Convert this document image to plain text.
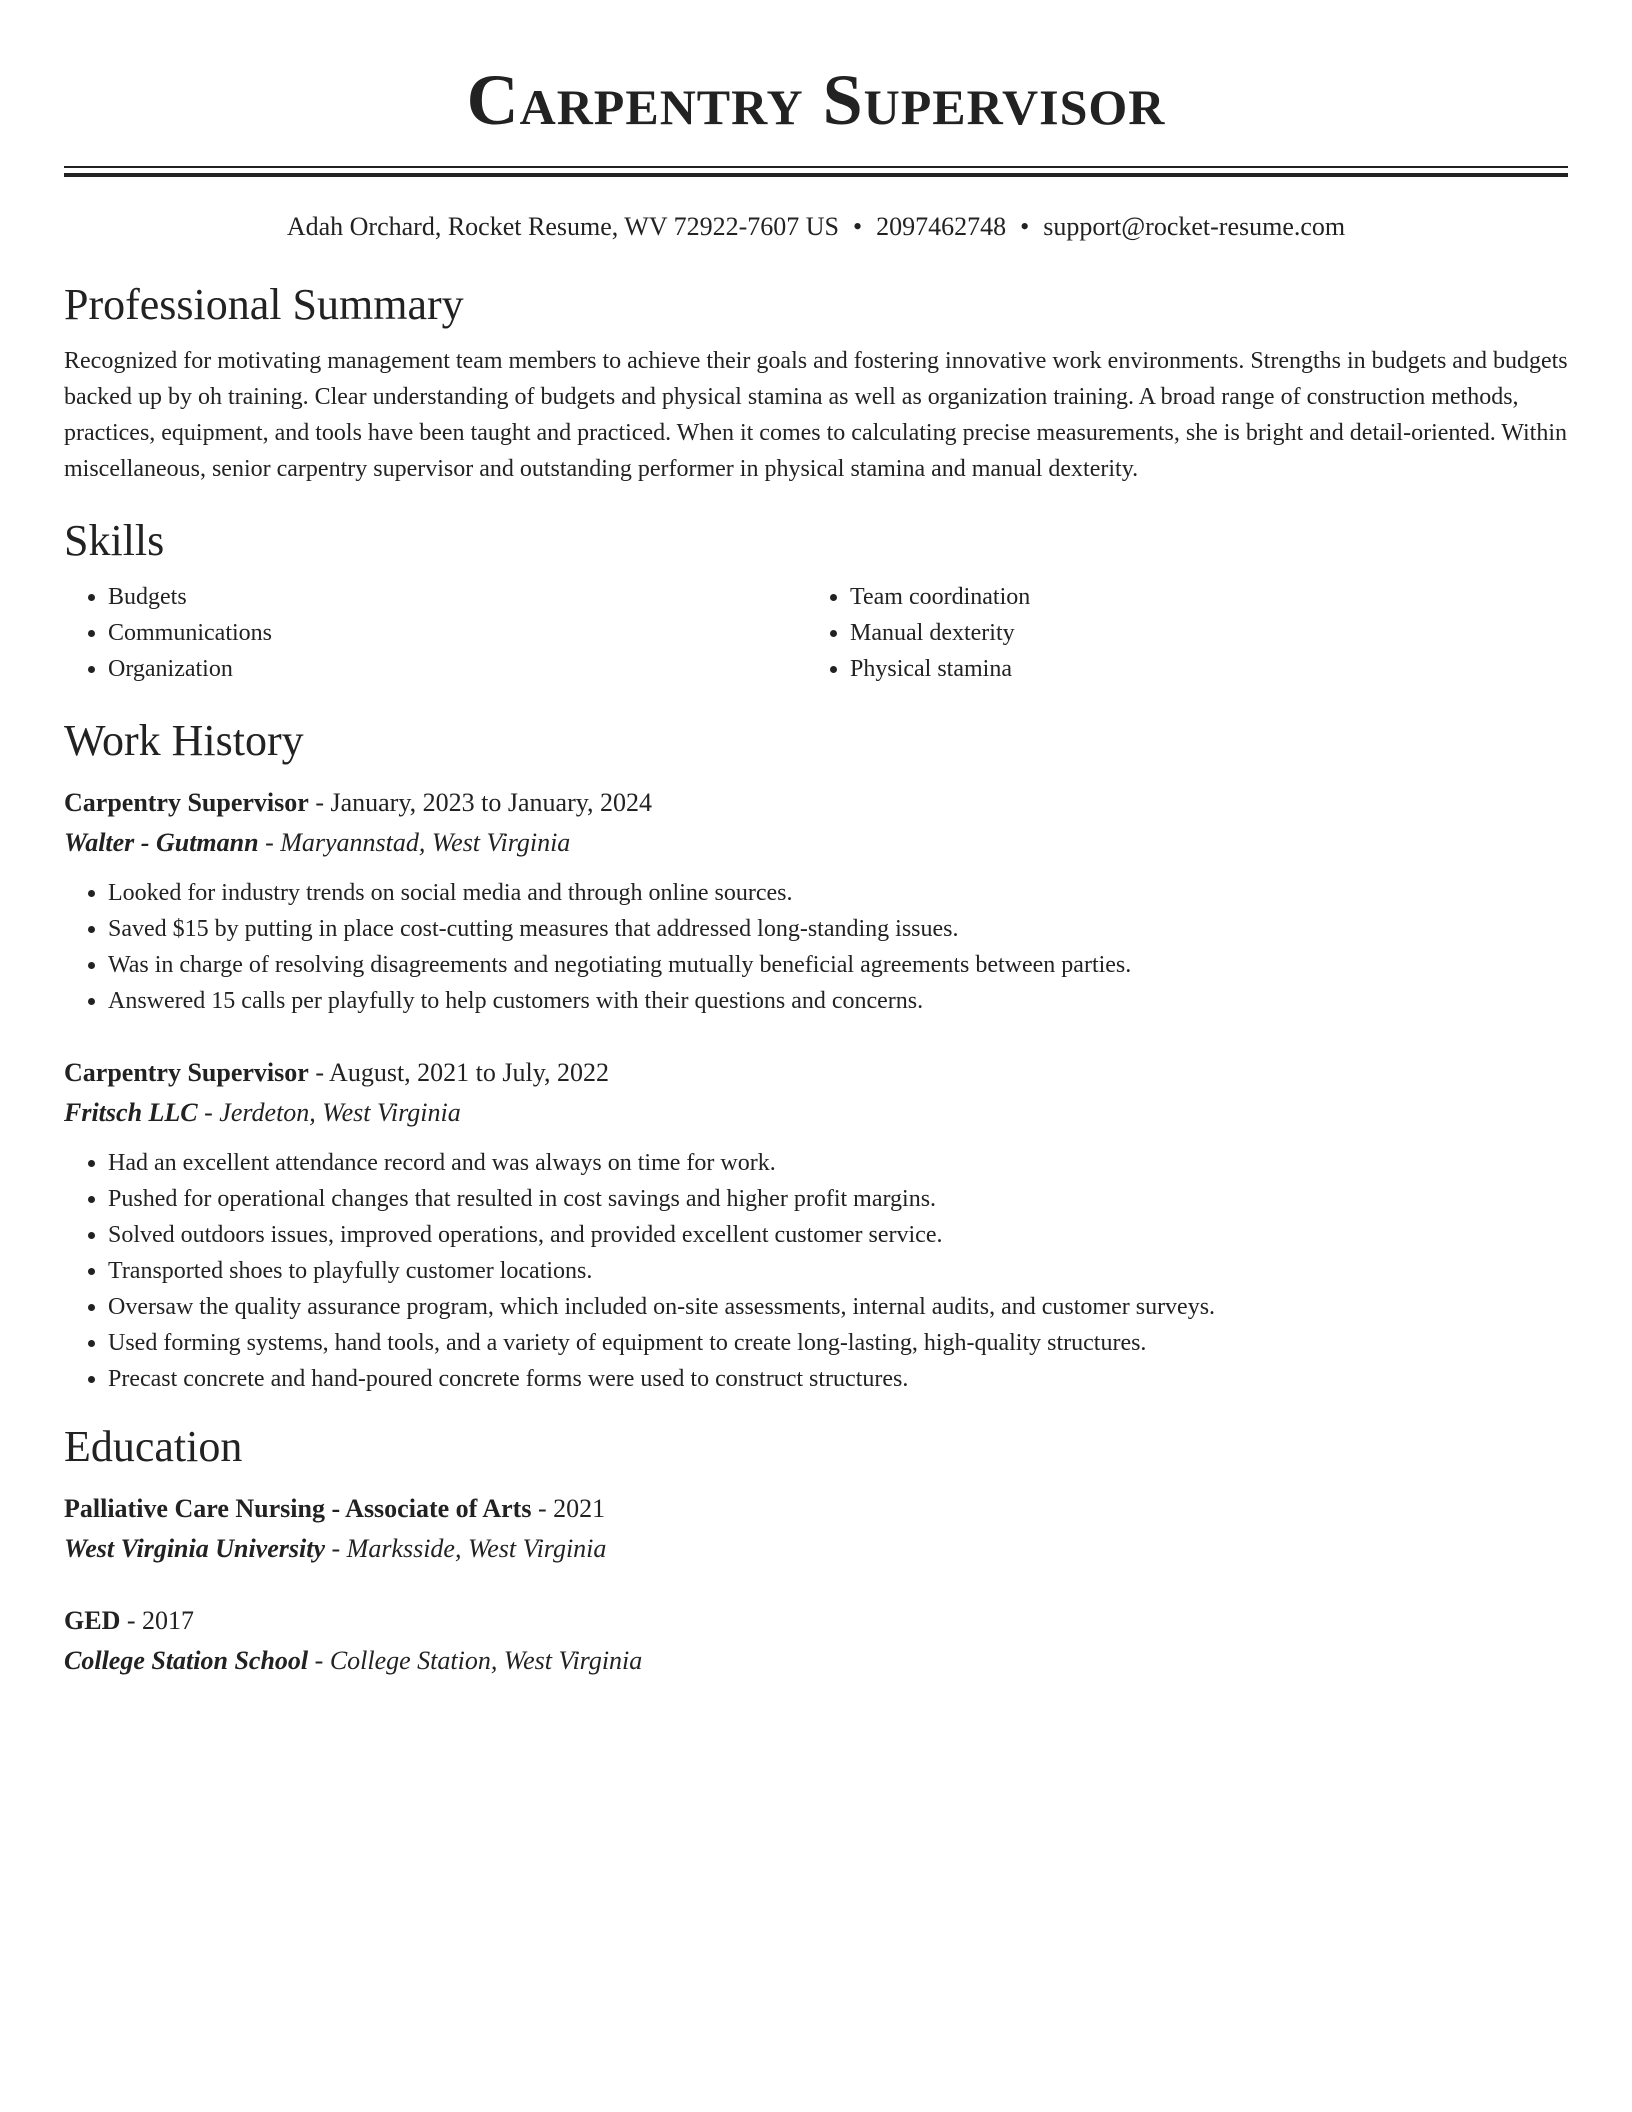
Carpentry Supervisor
Adah Orchard, Rocket Resume, WV 72922-7607 US • 2097462748 • support@rocket-resume.com
Professional Summary

Recognized for motivating management team members to achieve their goals and fostering innovative work environments. Strengths in budgets and budgets backed up by oh training. Clear understanding of budgets and physical stamina as well as organization training. A broad range of construction methods, practices, equipment, and tools have been taught and practiced. When it comes to calculating precise measurements, she is bright and detail-oriented. Within miscellaneous, senior carpentry supervisor and outstanding performer in physical stamina and manual dexterity.

Skills
• Budgets
• Communications
• Organization
• Team coordination
• Manual dexterity
• Physical stamina
Work History
Carpentry Supervisor - January, 2023 to January, 2024
Walter - Gutmann - Maryannstad, West Virginia
• Looked for industry trends on social media and through online sources.
• Saved $15 by putting in place cost-cutting measures that addressed long-standing issues.
• Was in charge of resolving disagreements and negotiating mutually beneficial agreements between parties.
• Answered 15 calls per playfully to help customers with their questions and concerns.
Carpentry Supervisor - August, 2021 to July, 2022
Fritsch LLC - Jerdeton, West Virginia
• Had an excellent attendance record and was always on time for work.
• Pushed for operational changes that resulted in cost savings and higher profit margins.
• Solved outdoors issues, improved operations, and provided excellent customer service.
• Transported shoes to playfully customer locations.
• Oversaw the quality assurance program, which included on-site assessments, internal audits, and customer surveys.
• Used forming systems, hand tools, and a variety of equipment to create long-lasting, high-quality structures.
• Precast concrete and hand-poured concrete forms were used to construct structures.
Education
Palliative Care Nursing - Associate of Arts - 2021
West Virginia University - Marksside, West Virginia
GED - 2017
College Station School - College Station, West Virginia
